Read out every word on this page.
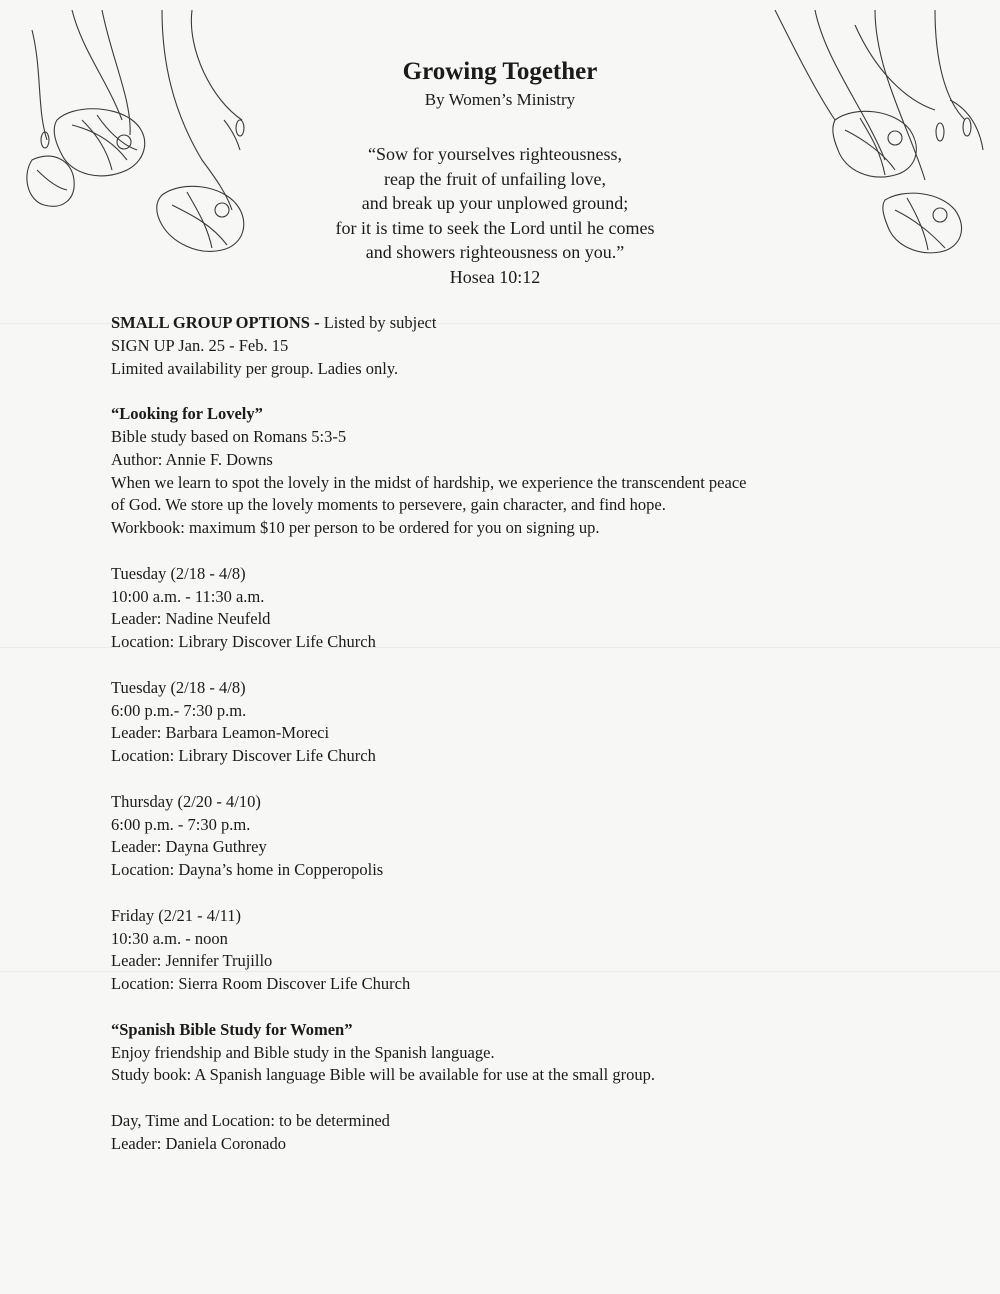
Growing Together

By Women’s Ministry

“Sow for yourselves righteousness,
reap the fruit of unfailing love,
and break up your unplowed ground;
for it is time to seek the Lord until he comes
and showers righteousness on you.”
Hosea 10:12

SMALL GROUP OPTIONS - Listed by subject

SIGN UP Jan. 25 - Feb. 15

Limited availability per group. Ladies only.

“Looking for Lovely”

Bible study based on Romans 5:3-5

Author: Annie F. Downs

When we learn to spot the lovely in the midst of hardship, we experience the transcendent peace

of God. We store up the lovely moments to persevere, gain character, and find hope.

Workbook: maximum $10 per person to be ordered for you on signing up.

Tuesday (2/18 - 4/8)

10:00 a.m. - 11:30 a.m.

Leader: Nadine Neufeld

Location: Library Discover Life Church

Tuesday (2/18 - 4/8)

6:00 p.m.- 7:30 p.m.

Leader: Barbara Leamon-Moreci

Location: Library Discover Life Church

Thursday (2/20 - 4/10)

6:00 p.m. - 7:30 p.m.

Leader: Dayna Guthrey

Location: Dayna’s home in Copperopolis

Friday (2/21 - 4/11)

10:30 a.m. - noon

Leader: Jennifer Trujillo

Location: Sierra Room Discover Life Church

“Spanish Bible Study for Women”

Enjoy friendship and Bible study in the Spanish language.

Study book: A Spanish language Bible will be available for use at the small group.

Day, Time and Location: to be determined

Leader: Daniela Coronado
